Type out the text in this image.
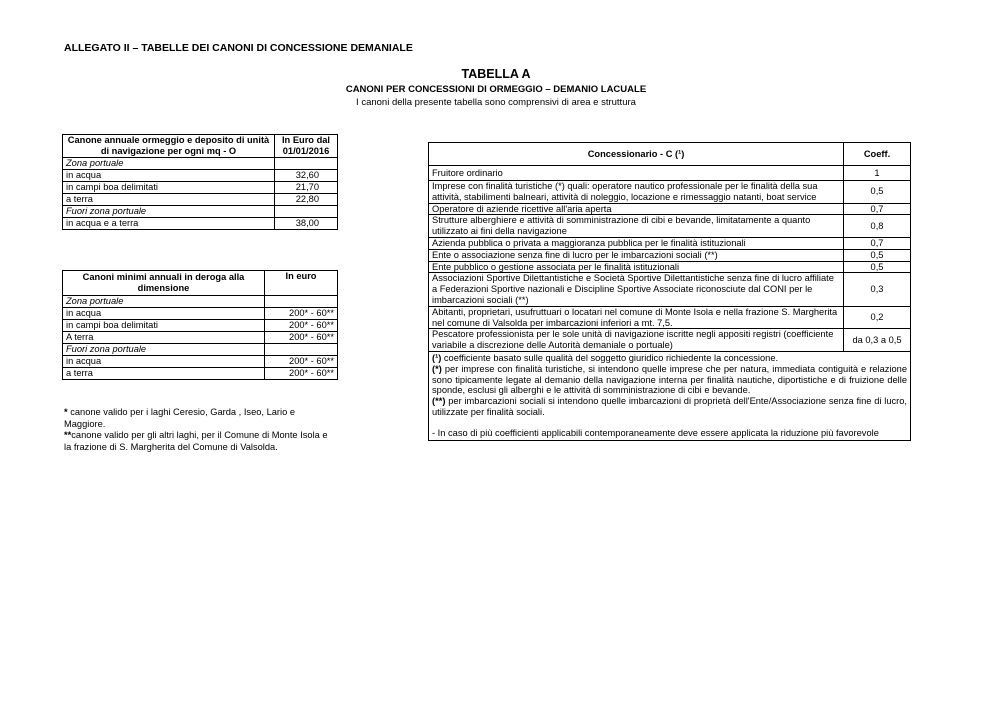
ALLEGATO II – TABELLE DEI CANONI DI CONCESSIONE DEMANIALE
TABELLA A
CANONI PER CONCESSIONI DI ORMEGGIO – DEMANIO LACUALE
I canoni della presente tabella sono comprensivi di area e struttura
Canone annuale ormeggio e deposito di unità di navigazione per ogni mq - O	In Euro dal 01/01/2016
Zona portuale	
in acqua	32,60
in campi boa delimitati	21,70
a terra	22,80
Fuori zona portuale	
in acqua e a terra	38,00
Canoni minimi annuali in deroga alla dimensione	In euro
Zona portuale	
in acqua	200* - 60**
in campi boa delimitati	200* - 60**
A terra	200* - 60**
Fuori zona portuale	
in acqua	200* - 60**
a terra	200* - 60**
* canone valido per i laghi Ceresio, Garda , Iseo, Lario e Maggiore.
**canone valido per gli altri laghi, per il Comune di Monte Isola e la frazione di S. Margherita del Comune di Valsolda.
Concessionario - C (¹)	Coeff.
Fruitore ordinario	1
Imprese con finalità turistiche (*) quali: operatore nautico professionale per le finalità della sua attività, stabilimenti balneari, attività di noleggio, locazione e rimessaggio natanti, boat service	0,5
Operatore di aziende ricettive all'aria aperta	0,7
Strutture alberghiere e attività di somministrazione di cibi e bevande, limitatamente a quanto utilizzato ai fini della navigazione	0,8
Azienda pubblica o privata a maggioranza pubblica per le finalità istituzionali	0,7
Ente o associazione senza fine di lucro per le imbarcazioni sociali (**)	0,5
Ente pubblico o gestione associata per le finalità istituzionali	0,5
Associazioni Sportive Dilettantistiche e Società Sportive Dilettantistiche senza fine di lucro affiliate a Federazioni Sportive nazionali e Discipline Sportive Associate riconosciute dal CONI per le imbarcazioni sociali (**)	0,3
Abitanti, proprietari, usufruttuari o locatari nel comune di Monte Isola e nella frazione S. Margherita nel comune di Valsolda per imbarcazioni inferiori a mt. 7,5.	0,2
Pescatore professionista per le sole unità di navigazione iscritte negli appositi registri (coefficiente variabile a discrezione delle Autorità demaniale o portuale)	da 0,3 a 0,5

(¹) coefficiente basato sulle qualità del soggetto giuridico richiedente la concessione.
(*) per imprese con finalità turistiche, si intendono quelle imprese che per natura, immediata contiguità e relazione sono tipicamente legate al demanio della navigazione interna per finalità nautiche, diportistiche e di fruizione delle sponde, esclusi gli alberghi e le attività di somministrazione di cibi e bevande.
(**) per imbarcazioni sociali si intendono quelle imbarcazioni di proprietà dell'Ente/Associazione senza fine di lucro, utilizzate per finalità sociali.
- In caso di più coefficienti applicabili contemporaneamente deve essere applicata la riduzione più favorevole	
